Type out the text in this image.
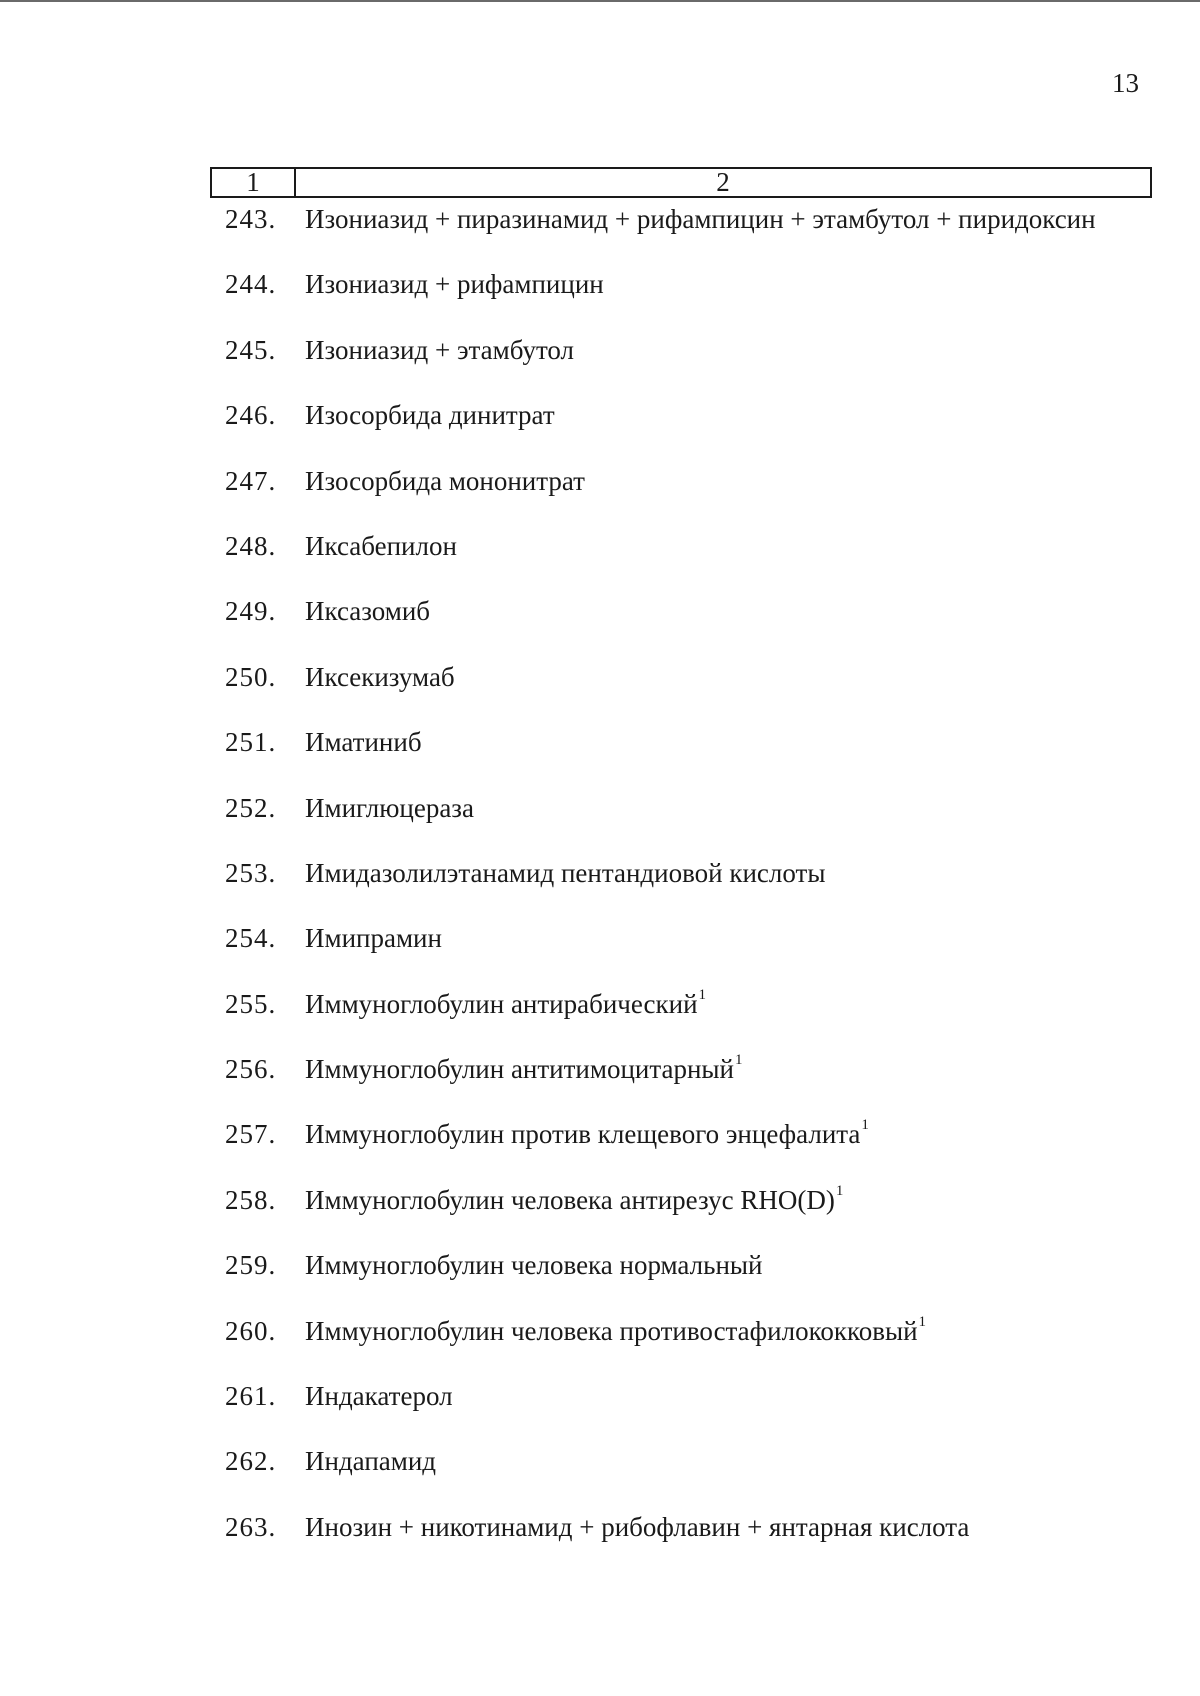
13
1	2
243. Изониазид + пиразинамид + рифампицин + этамбутол + пиридоксин
244. Изониазид + рифампицин
245. Изониазид + этамбутол
246. Изосорбида динитрат
247. Изосорбида мононитрат
248. Иксабепилон
249. Иксазомиб
250. Иксекизумаб
251. Иматиниб
252. Имиглюцераза
253. Имидазолилэтанамид пентандиовой кислоты
254. Имипрамин
255. Иммуноглобулин антирабический$^1$
256. Иммуноглобулин антитимоцитарный$^1$
257. Иммуноглобулин против клещевого энцефалита$^1$
258. Иммуноглобулин человека антирезус $RHO(D)^1$
259. Иммуноглобулин человека нормальный
260. Иммуноглобулин человека противостафилококковый$^1$
261. Индакатерол
262. Индапамид
263. Инозин + никотинамид + рибофлавин + янтарная кислота
